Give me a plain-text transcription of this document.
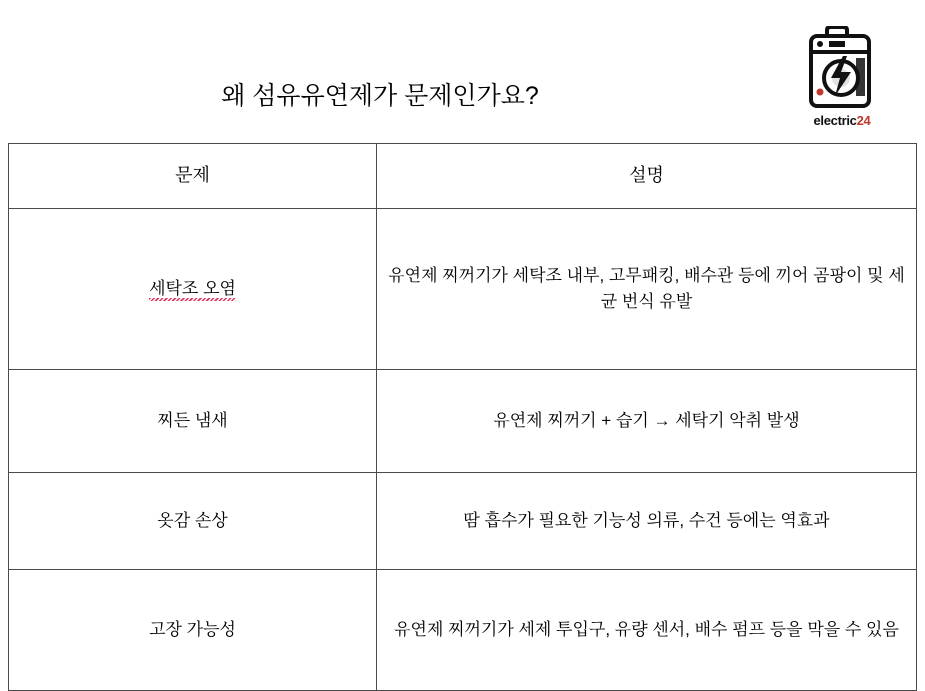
electric24
왜 섬유유연제가 문제인가요?
문제	설명
세탁조 오염	유연제 찌꺼기가 세탁조 내부, 고무패킹, 배수관 등에 끼어 곰팡이 및 세균 번식 유발
찌든 냄새	유연제 찌꺼기 + 습기 → 세탁기 악취 발생
옷감 손상	땀 흡수가 필요한 기능성 의류, 수건 등에는 역효과
고장 가능성	유연제 찌꺼기가 세제 투입구, 유량 센서, 배수 펌프 등을 막을 수 있음
